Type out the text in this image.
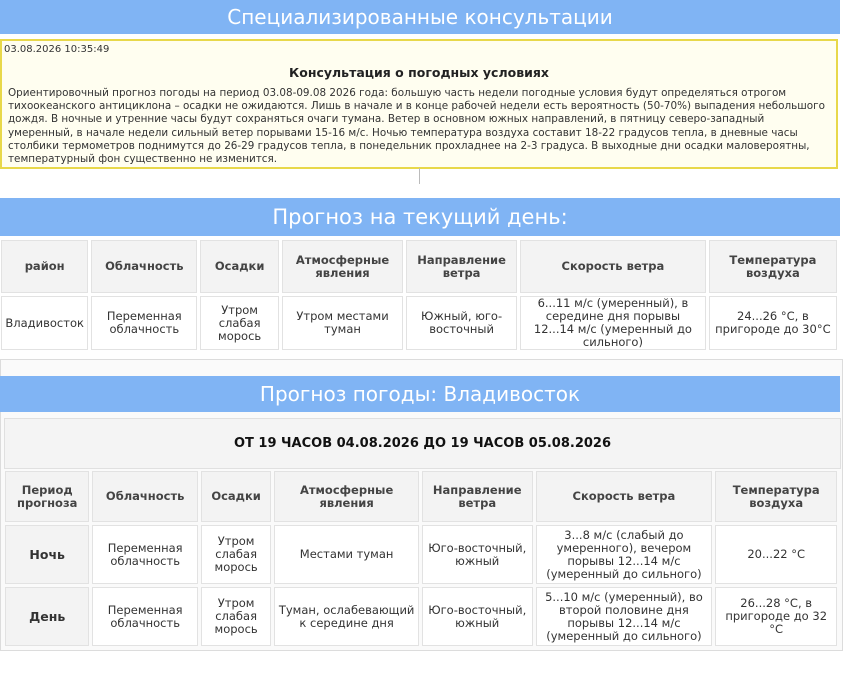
Специализированные консультации
03.08.2026 10:35:49
Консультация о погодных условиях
Ориентировочный прогноз погоды на период 03.08-09.08 2026 года: большую часть недели погодные условия будут определяться отрогом тихоокеанского антициклона – осадки не ожидаются. Лишь в начале и в конце рабочей недели есть вероятность (50-70%) выпадения небольшого дождя. В ночные и утренние часы будут сохраняться очаги тумана. Ветер в основном южных направлений, в пятницу северо-западный умеренный, в начале недели сильный ветер порывами 15-16 м/с. Ночью температура воздуха составит 18-22 градусов тепла, в дневные часы столбики термометров поднимутся до 26-29 градусов тепла, в понедельник прохладнее на 2-3 градуса. В выходные дни осадки маловероятны, температурный фон существенно не изменится.
Прогноз на текущий день:
район	Облачность	Осадки	Атмосферные явления	Направление ветра	Скорость ветра	Температура воздуха
Владивосток	Переменная облачность	Утром слабая морось	Утром местами туман	Южный, юго-восточный	6...11 м/с (умеренный), в середине дня порывы 12...14 м/с (умеренный до сильного)	24...26 °С, в пригороде до 30°С
Прогноз погоды: Владивосток
ОТ 19 ЧАСОВ 04.08.2026 ДО 19 ЧАСОВ 05.08.2026
Период прогноза	Облачность	Осадки	Атмосферные явления	Направление ветра	Скорость ветра	Температура воздуха
Ночь	Переменная облачность	Утром слабая морось	Местами туман	Юго-восточный, южный	3...8 м/с (слабый до умеренного), вечером порывы 12...14 м/с (умеренный до сильного)	20...22 °С
День	Переменная облачность	Утром слабая морось	Туман, ослабевающий к середине дня	Юго-восточный, южный	5...10 м/с (умеренный), во второй половине дня порывы 12...14 м/с (умеренный до сильного)	26...28 °С, в пригороде до 32 °С
